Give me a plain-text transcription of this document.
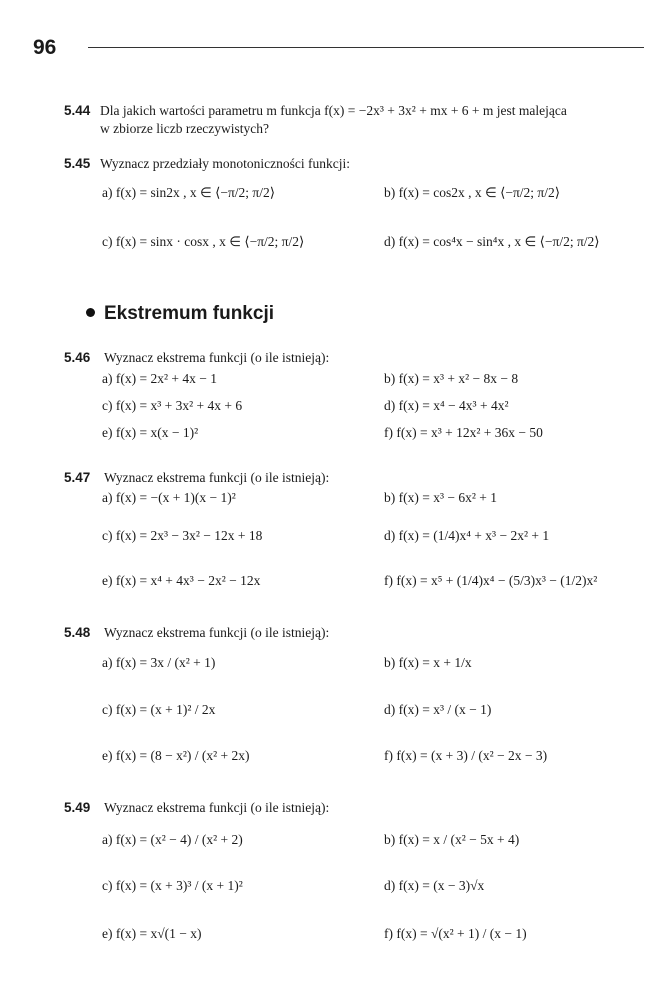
96
5.44 Dla jakich wartości parametru m funkcja f(x) = −2x³ + 3x² + mx + 6 + m jest malejąca
w zbiorze liczb rzeczywistych?
5.45 Wyznacz przedziały monotoniczności funkcji:
a) f(x) = sin2x , x ∈ ⟨−π/2; π/2⟩	b) f(x) = cos2x , x ∈ ⟨−π/2; π/2⟩
c) f(x) = sinx · cosx , x ∈ ⟨−π/2; π/2⟩	d) f(x) = cos⁴x − sin⁴x , x ∈ ⟨−π/2; π/2⟩
Ekstremum funkcji
5.46 Wyznacz ekstrema funkcji (o ile istnieją):
a) f(x) = 2x² + 4x − 1	b) f(x) = x³ + x² − 8x − 8
c) f(x) = x³ + 3x² + 4x + 6	d) f(x) = x⁴ − 4x³ + 4x²
e) f(x) = x(x − 1)²	f) f(x) = x³ + 12x² + 36x − 50
5.47 Wyznacz ekstrema funkcji (o ile istnieją):
a) f(x) = −(x + 1)(x − 1)²	b) f(x) = x³ − 6x² + 1
c) f(x) = 2x³ − 3x² − 12x + 18	d) f(x) = (1/4)x⁴ + x³ − 2x² + 1
e) f(x) = x⁴ + 4x³ − 2x² − 12x	f) f(x) = x⁵ + (1/4)x⁴ − (5/3)x³ − (1/2)x²
5.48 Wyznacz ekstrema funkcji (o ile istnieją):
a) f(x) = 3x / (x² + 1)	b) f(x) = x + 1/x
c) f(x) = (x + 1)² / 2x	d) f(x) = x³ / (x − 1)
e) f(x) = (8 − x²) / (x² + 2x)	f) f(x) = (x + 3) / (x² − 2x − 3)
5.49 Wyznacz ekstrema funkcji (o ile istnieją):
a) f(x) = (x² − 4) / (x² + 2)	b) f(x) = x / (x² − 5x + 4)
c) f(x) = (x + 3)³ / (x + 1)²	d) f(x) = (x − 3)√x
e) f(x) = x√(1 − x)	f) f(x) = √(x² + 1) / (x − 1)
